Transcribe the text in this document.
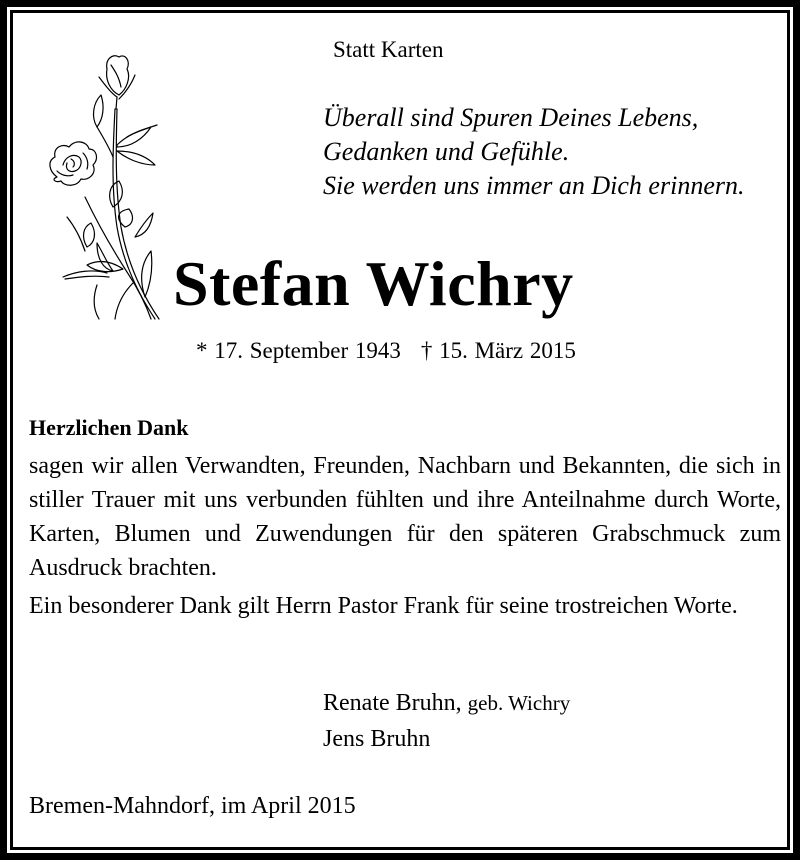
Statt Karten
Überall sind Spuren Deines Lebens,
Gedanken und Gefühle.
Sie werden uns immer an Dich erinnern.
Stefan Wichry
* 17. September 1943 † 15. März 2015
Herzlichen Dank

sagen wir allen Verwandten, Freunden, Nachbarn und Bekannten, die sich in stiller Trauer mit uns verbunden fühlten und ihre Anteilnahme durch Worte, Karten, Blumen und Zuwendungen für den späteren Grabschmuck zum Ausdruck brachten.

Ein besonderer Dank gilt Herrn Pastor Frank für seine trostreichen Worte.

Renate Bruhn, geb. Wichry
Jens Bruhn
Bremen-Mahndorf, im April 2015
